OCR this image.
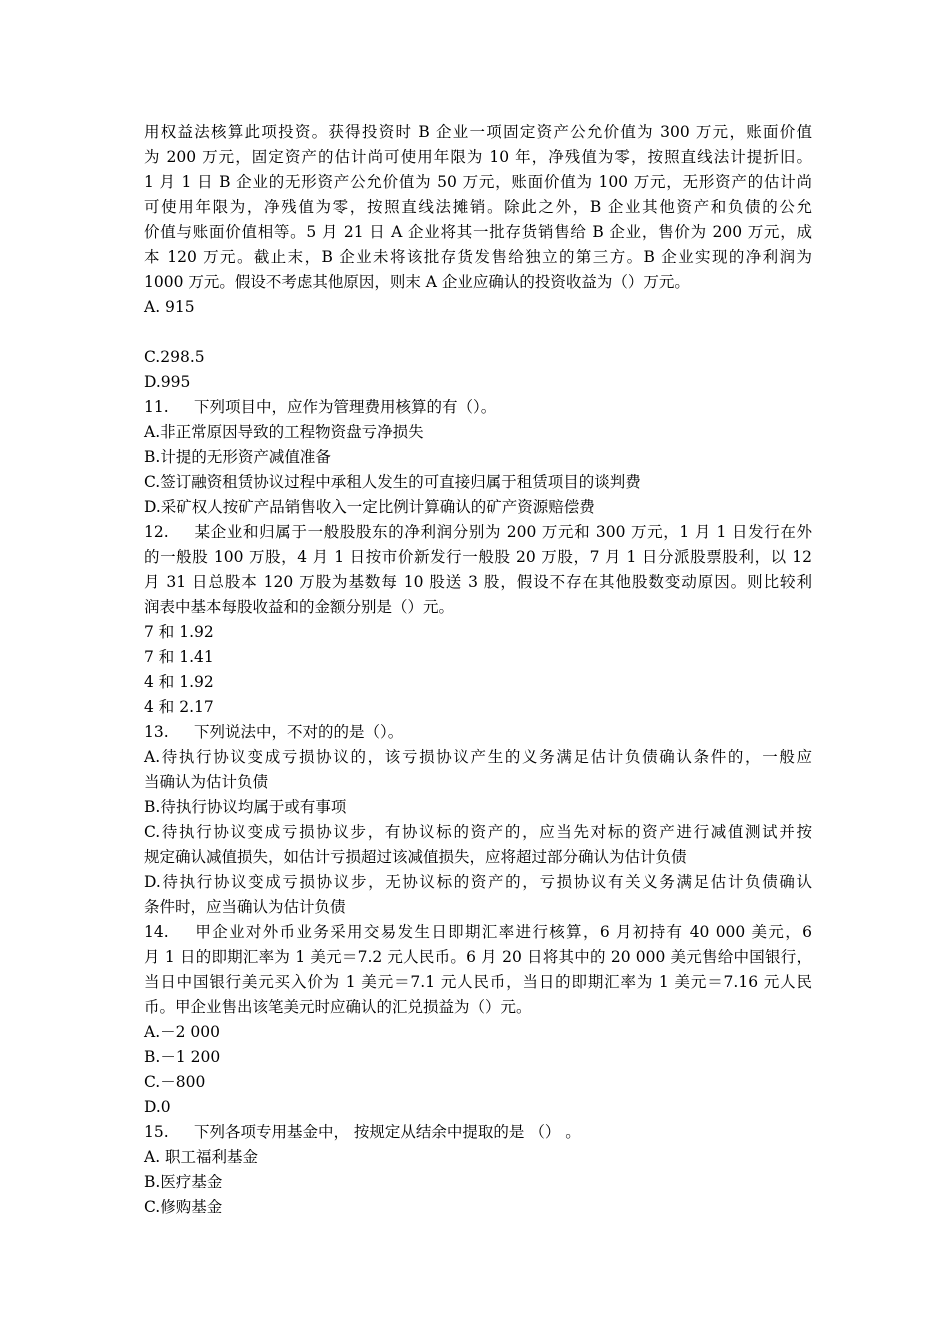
用权益法核算此项投资。获得投资时 B 企业一项固定资产公允价值为 300 万元，账面价值
为 200 万元，固定资产的估计尚可使用年限为 10 年，净残值为零，按照直线法计提折旧。
1 月 1 日 B 企业的无形资产公允价值为 50 万元，账面价值为 100 万元，无形资产的估计尚
可使用年限为，净残值为零，按照直线法摊销。除此之外，B 企业其他资产和负债的公允
价值与账面价值相等。5 月 21 日 A 企业将其一批存货销售给 B 企业，售价为 200 万元，成
本 120 万元。截止末，B 企业未将该批存货发售给独立的第三方。B 企业实现的净利润为
1000 万元。假设不考虑其他原因，则末 A 企业应确认的投资收益为（）万元。
A. 915
C.298.5
D.995
11. 下列项目中，应作为管理费用核算的有（）。
A.非正常原因导致的工程物资盘亏净损失
B.计提的无形资产减值准备
C.签订融资租赁协议过程中承租人发生的可直接归属于租赁项目的谈判费
D.采矿权人按矿产品销售收入一定比例计算确认的矿产资源赔偿费
12. 某企业和归属于一般股股东的净利润分别为 200 万元和 300 万元，1 月 1 日发行在外
的一般股 100 万股，4 月 1 日按市价新发行一般股 20 万股，7 月 1 日分派股票股利，以 12
月 31 日总股本 120 万股为基数每 10 股送 3 股，假设不存在其他股数变动原因。则比较利
润表中基本每股收益和的金额分别是（）元。
7 和 1.92
7 和 1.41
4 和 1.92
4 和 2.17
13. 下列说法中，不对的的是（）。
A.待执行协议变成亏损协议的，该亏损协议产生的义务满足估计负债确认条件的，一般应
当确认为估计负债
B.待执行协议均属于或有事项
C.待执行协议变成亏损协议步，有协议标的资产的，应当先对标的资产进行减值测试并按
规定确认减值损失，如估计亏损超过该减值损失，应将超过部分确认为估计负债
D.待执行协议变成亏损协议步，无协议标的资产的，亏损协议有关义务满足估计负债确认
条件时，应当确认为估计负债
14. 甲企业对外币业务采用交易发生日即期汇率进行核算，6 月初持有 40 000 美元，6
月 1 日的即期汇率为 1 美元＝7.2 元人民币。6 月 20 日将其中的 20 000 美元售给中国银行，
当日中国银行美元买入价为 1 美元＝7.1 元人民币，当日的即期汇率为 1 美元＝7.16 元人民
币。甲企业售出该笔美元时应确认的汇兑损益为（）元。
A.－2 000
B.－1 200
C.－800
D.0
15. 下列各项专用基金中， 按规定从结余中提取的是 （） 。
A. 职工福利基金
B.医疗基金
C.修购基金
